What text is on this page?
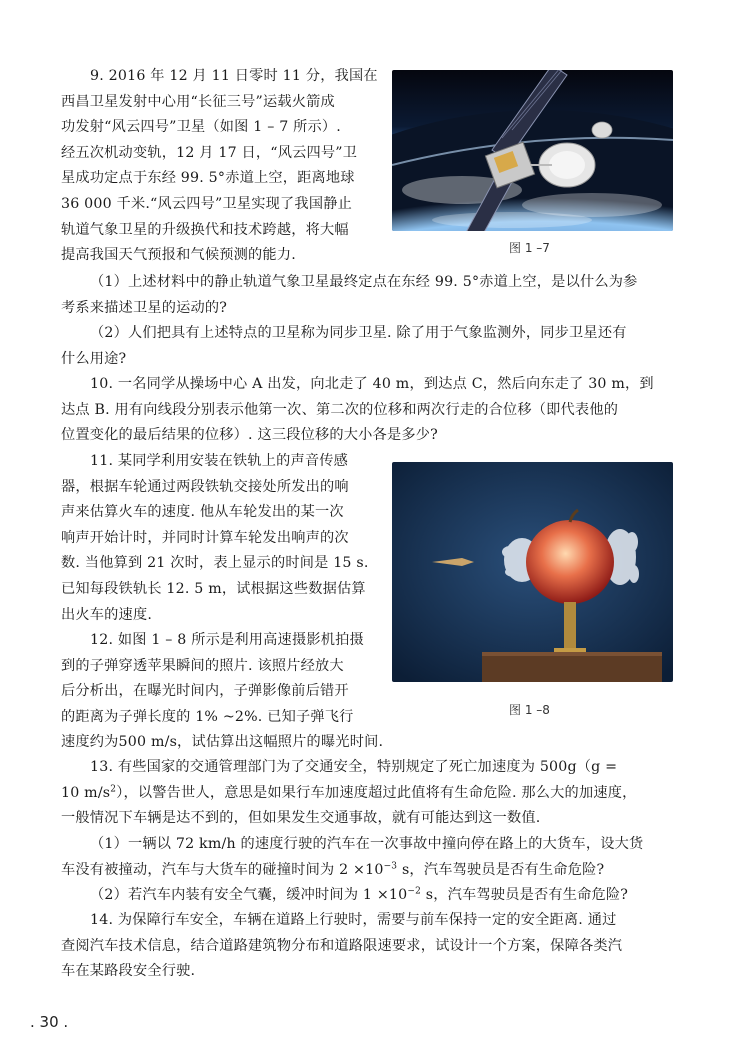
9. 2016 年 12 月 11 日零时 11 分，我国在
西昌卫星发射中心用“长征三号”运载火箭成
功发射“风云四号”卫星（如图 1 – 7 所示）.
经五次机动变轨，12 月 17 日，“风云四号”卫
星成功定点于东经 99. 5°赤道上空，距离地球
36 000 千米.“风云四号”卫星实现了我国静止
轨道气象卫星的升级换代和技术跨越，将大幅
提高我国天气预报和气候预测的能力.	图 1 –7
（1）上述材料中的静止轨道气象卫星最终定点在东经 99. 5°赤道上空，是以什么为参
考系来描述卫星的运动的?
（2）人们把具有上述特点的卫星称为同步卫星. 除了用于气象监测外，同步卫星还有
什么用途?
10. 一名同学从操场中心 A 出发，向北走了 40 m，到达点 C，然后向东走了 30 m，到
达点 B. 用有向线段分别表示他第一次、第二次的位移和两次行走的合位移（即代表他的
位置变化的最后结果的位移）. 这三段位移的大小各是多少?
11. 某同学利用安装在铁轨上的声音传感
器，根据车轮通过两段铁轨交接处所发出的响
声来估算火车的速度. 他从车轮发出的某一次
响声开始计时，并同时计算车轮发出响声的次
数. 当他算到 21 次时，表上显示的时间是 15 s.
已知每段铁轨长 12. 5 m，试根据这些数据估算
出火车的速度.
图 1 –8
12. 如图 1 – 8 所示是利用高速摄影机拍摄
到的子弹穿透苹果瞬间的照片. 该照片经放大
后分析出，在曝光时间内，子弹影像前后错开
的距离为子弹长度的 1% ~2%. 已知子弹飞行
速度约为500 m/s，试估算出这幅照片的曝光时间.
13. 有些国家的交通管理部门为了交通安全，特别规定了死亡加速度为 500g（g =
10 $m/s^2$），以警告世人，意思是如果行车加速度超过此值将有生命危险. 那么大的加速度，
一般情况下车辆是达不到的，但如果发生交通事故，就有可能达到这一数值.
（1）一辆以 72 km/h 的速度行驶的汽车在一次事故中撞向停在路上的大货车，设大货
车没有被撞动，汽车与大货车的碰撞时间为 $2 \times 10^{-3}$ s，汽车驾驶员是否有生命危险?
（2）若汽车内装有安全气囊，缓冲时间为 $1 \times 10^{-2}$ s，汽车驾驶员是否有生命危险?
14. 为保障行车安全，车辆在道路上行驶时，需要与前车保持一定的安全距离. 通过
查阅汽车技术信息，结合道路建筑物分布和道路限速要求，试设计一个方案，保障各类汽
车在某路段安全行驶.
. 30 .
